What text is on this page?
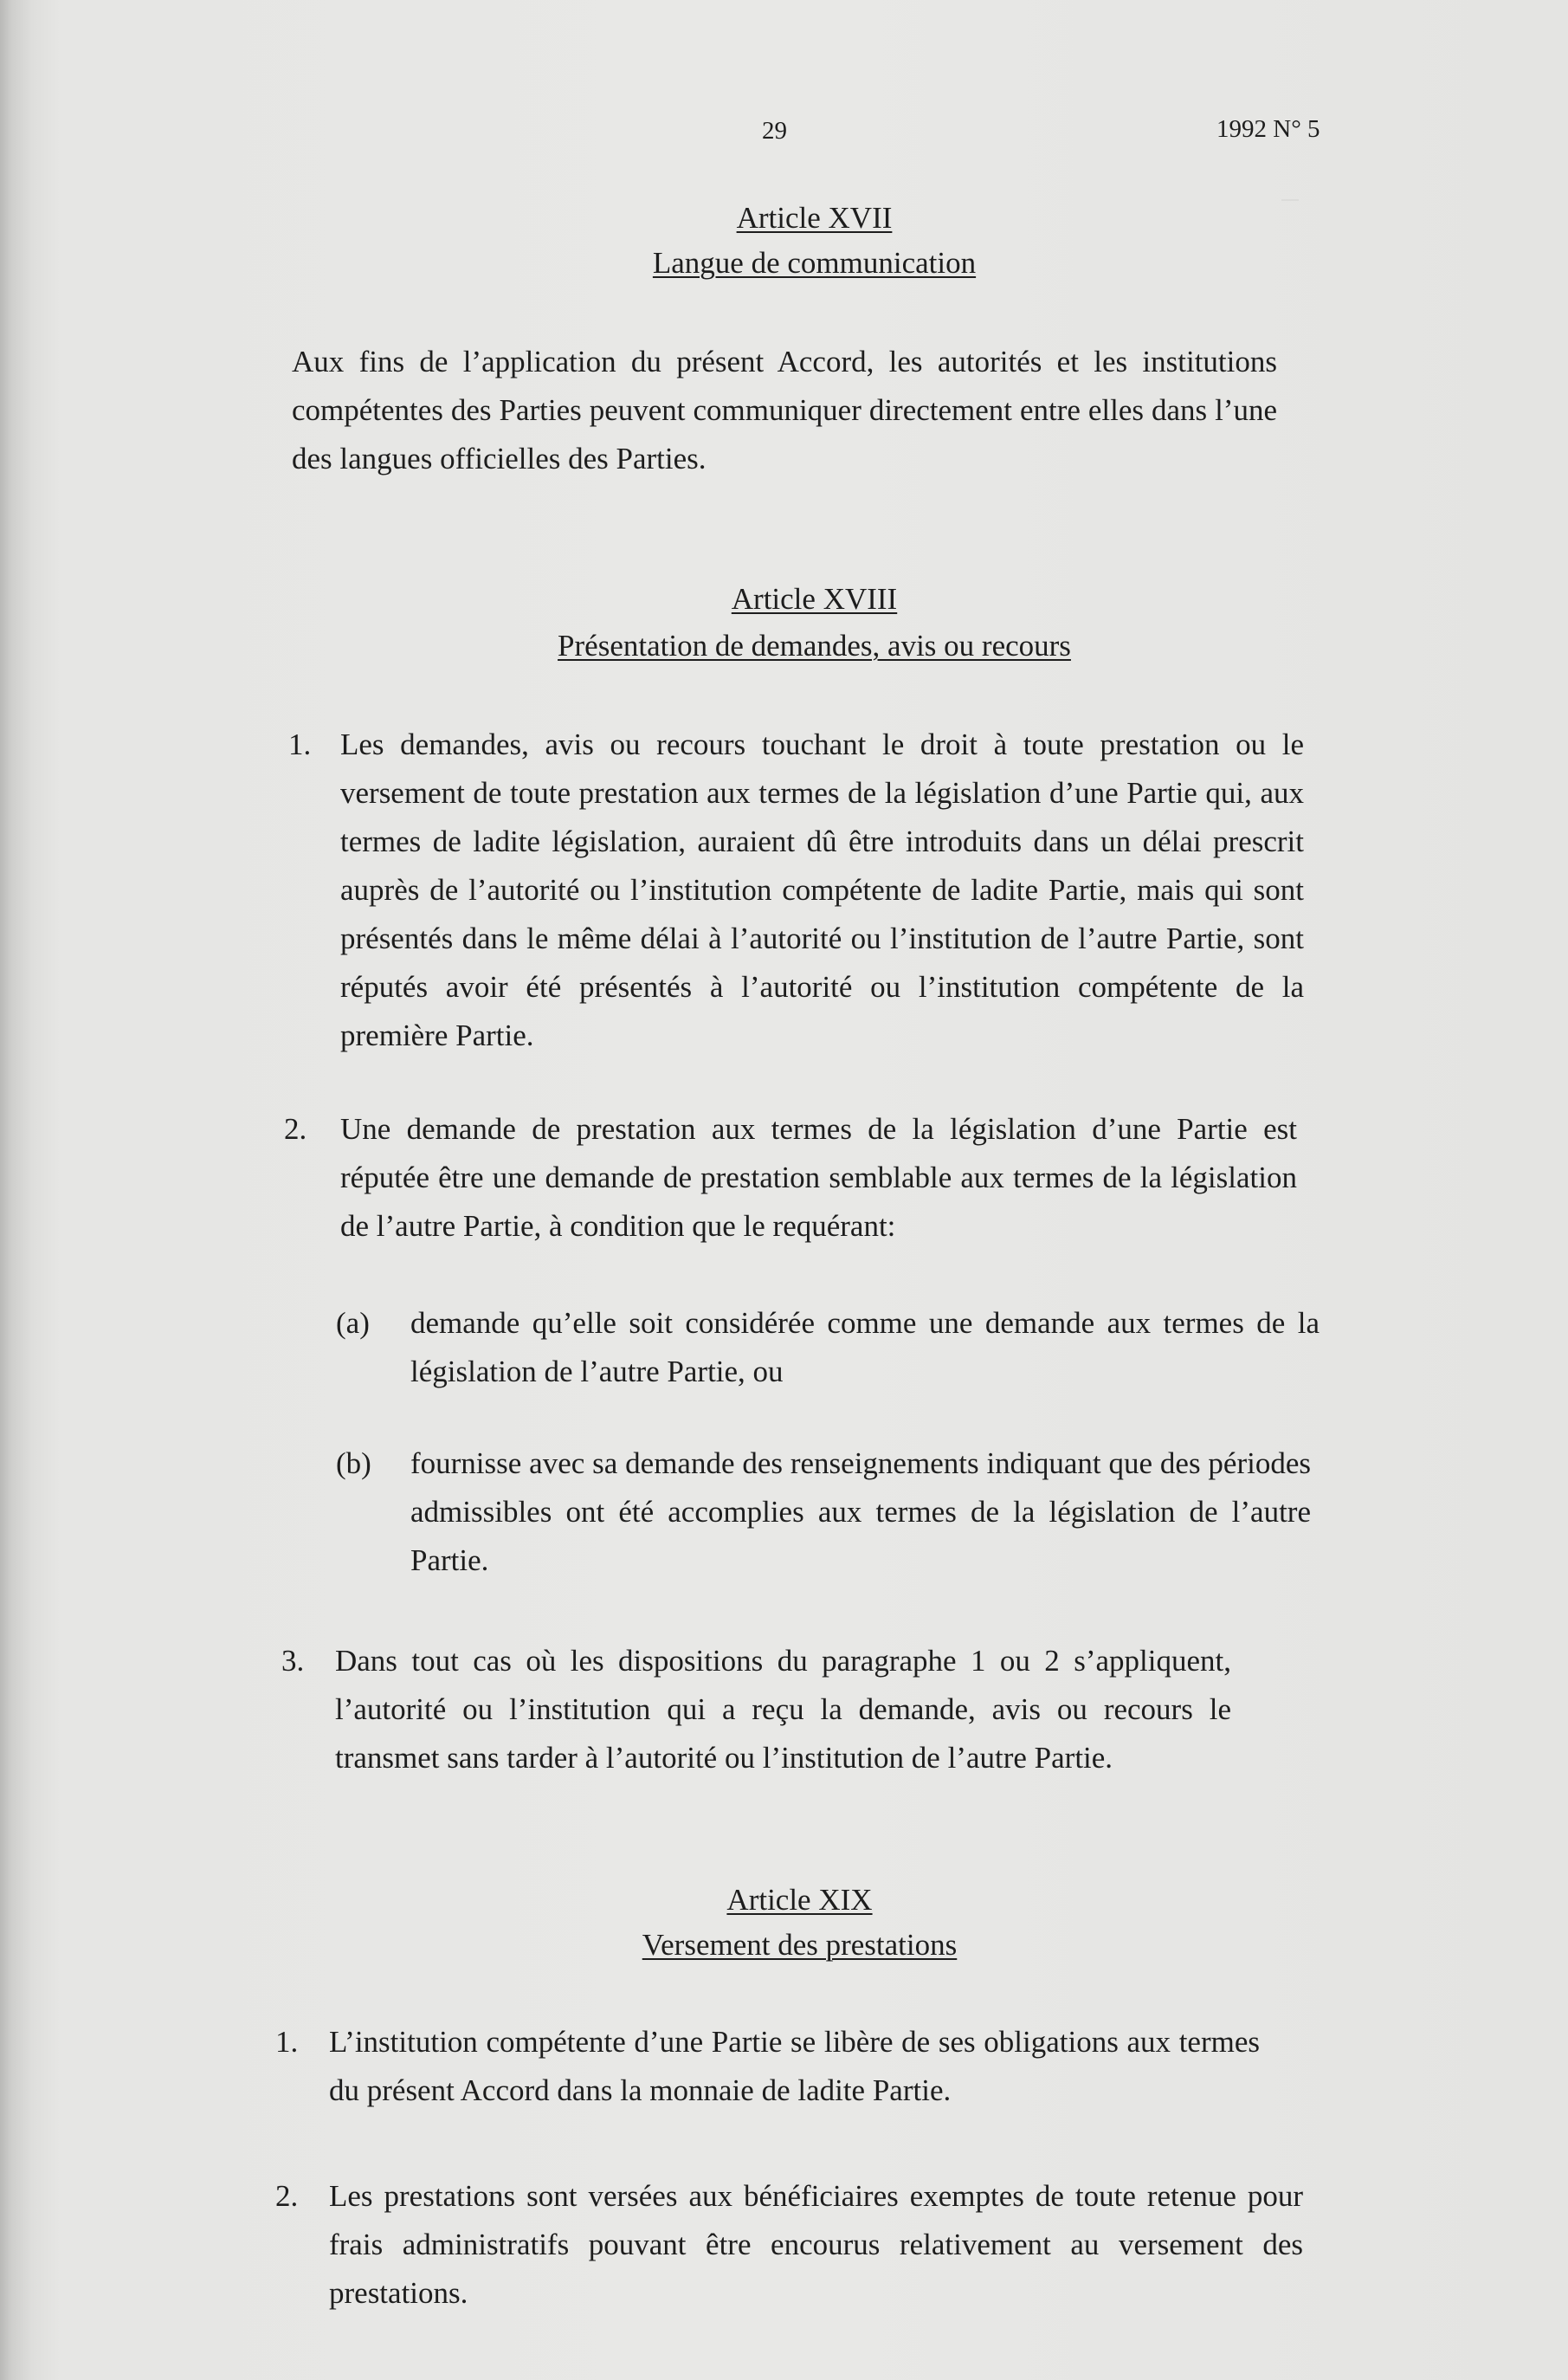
29	1992 N° 5
Article XVII
Langue de communication
Aux fins de l’application du présent Accord, les autorités et les institutions compétentes des Parties peuvent communiquer directement entre elles dans l’une des langues officielles des Parties.
Article XVIII
Présentation de demandes, avis ou recours
1. Les demandes, avis ou recours touchant le droit à toute prestation ou le versement de toute prestation aux termes de la législation d’une Partie qui, aux termes de ladite législation, auraient dû être introduits dans un délai prescrit auprès de l’autorité ou l’institution compétente de ladite Partie, mais qui sont présentés dans le même délai à l’autorité ou l’institution de l’autre Partie, sont réputés avoir été présentés à l’autorité ou l’institution compétente de la première Partie.
2. Une demande de prestation aux termes de la législation d’une Partie est réputée être une demande de prestation semblable aux termes de la législation de l’autre Partie, à condition que le requérant:
(a) demande qu’elle soit considérée comme une demande aux termes de la législation de l’autre Partie, ou
(b) fournisse avec sa demande des renseignements indiquant que des périodes admissibles ont été accomplies aux termes de la législation de l’autre Partie.
3. Dans tout cas où les dispositions du paragraphe 1 ou 2 s’appliquent, l’autorité ou l’institution qui a reçu la demande, avis ou recours le transmet sans tarder à l’autorité ou l’institution de l’autre Partie.
Article XIX
Versement des prestations
1. L’institution compétente d’une Partie se libère de ses obligations aux termes du présent Accord dans la monnaie de ladite Partie.
2. Les prestations sont versées aux bénéficiaires exemptes de toute retenue pour frais administratifs pouvant être encourus relativement au versement des prestations.
